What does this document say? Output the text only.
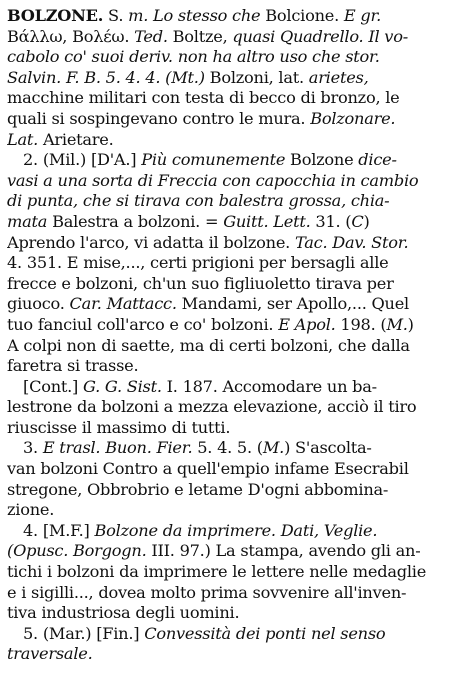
BOLZONE. S. m. Lo stesso che Bolcione. E gr.
Βάλλω, Βολέω. Ted. Boltze, quasi Quadrello. Il vo-
cabolo co' suoi deriv. non ha altro uso che stor.
Salvin. F. B. 5. 4. 4. (Mt.) Bolzoni, lat. arietes,
macchine militari con testa di becco di bronzo, le
quali si sospingevano contro le mura. Bolzonare.
Lat. Arietare.
2. (Mil.) [D'A.] Più comunemente Bolzone dice-
vasi a una sorta di Freccia con capocchia in cambio
di punta, che si tirava con balestra grossa, chia-
mata Balestra a bolzoni. = Guitt. Lett. 31. (C)
Aprendo l'arco, vi adatta il bolzone. Tac. Dav. Stor.
4. 351. E mise,..., certi prigioni per bersagli alle
frecce e bolzoni, ch'un suo figliuoletto tirava per
giuoco. Car. Mattacc. Mandami, ser Apollo,... Quel
tuo fanciul coll'arco e co' bolzoni. E Apol. 198. (M.)
A colpi non di saette, ma di certi bolzoni, che dalla
faretra si trasse.
[Cont.] G. G. Sist. I. 187. Accomodare un ba-
lestrone da bolzoni a mezza elevazione, acciò il tiro
riuscisse il massimo di tutti.
3. E trasl. Buon. Fier. 5. 4. 5. (M.) S'ascolta-
van bolzoni Contro a quell'empio infame Esecrabil
stregone, Obbrobrio e letame D'ogni abbomina-
zione.
4. [M.F.] Bolzone da imprimere. Dati, Veglie.
(Opusc. Borgogn. III. 97.) La stampa, avendo gli an-
tichi i bolzoni da imprimere le lettere nelle medaglie
e i sigilli..., dovea molto prima sovvenire all'inven-
tiva industriosa degli uomini.
5. (Mar.) [Fin.] Convessità dei ponti nel senso
traversale.
